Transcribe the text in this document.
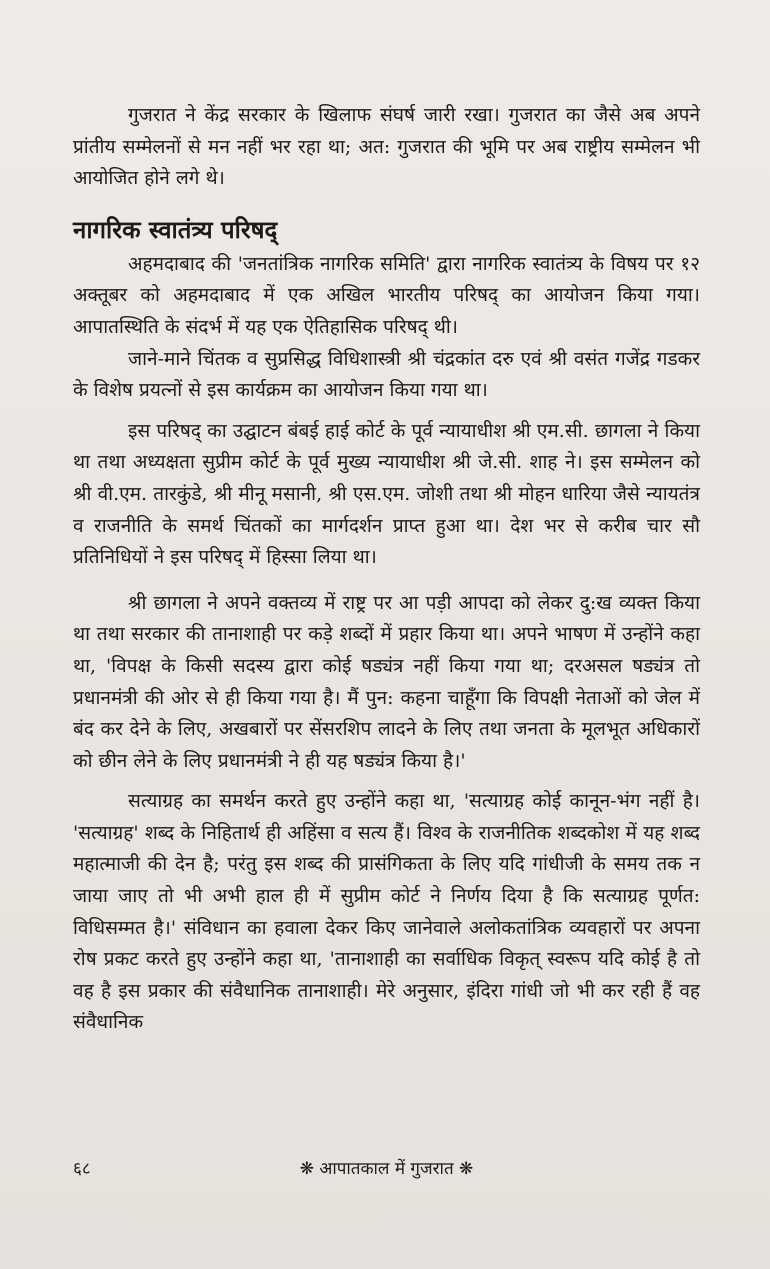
गुजरात ने केंद्र सरकार के खिलाफ संघर्ष जारी रखा। गुजरात का जैसे अब अपने प्रांतीय सम्मेलनों से मन नहीं भर रहा था; अत: गुजरात की भूमि पर अब राष्ट्रीय सम्मेलन भी आयोजित होने लगे थे।

नागरिक स्वातंत्र्य परिषद्

अहमदाबाद की 'जनतांत्रिक नागरिक समिति' द्वारा नागरिक स्वातंत्र्य के विषय पर १२ अक्तूबर को अहमदाबाद में एक अखिल भारतीय परिषद् का आयोजन किया गया। आपातस्थिति के संदर्भ में यह एक ऐतिहासिक परिषद् थी।

जाने-माने चिंतक व सुप्रसिद्ध विधिशास्त्री श्री चंद्रकांत दरु एवं श्री वसंत गजेंद्र गडकर के विशेष प्रयत्नों से इस कार्यक्रम का आयोजन किया गया था।

इस परिषद् का उद्घाटन बंबई हाई कोर्ट के पूर्व न्यायाधीश श्री एम.सी. छागला ने किया था तथा अध्यक्षता सुप्रीम कोर्ट के पूर्व मुख्य न्यायाधीश श्री जे.सी. शाह ने। इस सम्मेलन को श्री वी.एम. तारकुंडे, श्री मीनू मसानी, श्री एस.एम. जोशी तथा श्री मोहन धारिया जैसे न्यायतंत्र व राजनीति के समर्थ चिंतकों का मार्गदर्शन प्राप्त हुआ था। देश भर से करीब चार सौ प्रतिनिधियों ने इस परिषद् में हिस्सा लिया था।

श्री छागला ने अपने वक्तव्य में राष्ट्र पर आ पड़ी आपदा को लेकर दु:ख व्यक्त किया था तथा सरकार की तानाशाही पर कड़े शब्दों में प्रहार किया था। अपने भाषण में उन्होंने कहा था, 'विपक्ष के किसी सदस्य द्वारा कोई षड्यंत्र नहीं किया गया था; दरअसल षड्यंत्र तो प्रधानमंत्री की ओर से ही किया गया है। मैं पुन: कहना चाहूँगा कि विपक्षी नेताओं को जेल में बंद कर देने के लिए, अखबारों पर सेंसरशिप लादने के लिए तथा जनता के मूलभूत अधिकारों को छीन लेने के लिए प्रधानमंत्री ने ही यह षड्यंत्र किया है।'

सत्याग्रह का समर्थन करते हुए उन्होंने कहा था, 'सत्याग्रह कोई कानून-भंग नहीं है। 'सत्याग्रह' शब्द के निहितार्थ ही अहिंसा व सत्य हैं। विश्व के राजनीतिक शब्दकोश में यह शब्द महात्माजी की देन है; परंतु इस शब्द की प्रासंगिकता के लिए यदि गांधीजी के समय तक न जाया जाए तो भी अभी हाल ही में सुप्रीम कोर्ट ने निर्णय दिया है कि सत्याग्रह पूर्णत: विधिसम्मत है।' संविधान का हवाला देकर किए जानेवाले अलोकतांत्रिक व्यवहारों पर अपना रोष प्रकट करते हुए उन्होंने कहा था, 'तानाशाही का सर्वाधिक विकृत् स्वरूप यदि कोई है तो वह है इस प्रकार की संवैधानिक तानाशाही। मेरे अनुसार, इंदिरा गांधी जो भी कर रही हैं वह संवैधानिक

६८	❋ आपातकाल में गुजरात ❋
